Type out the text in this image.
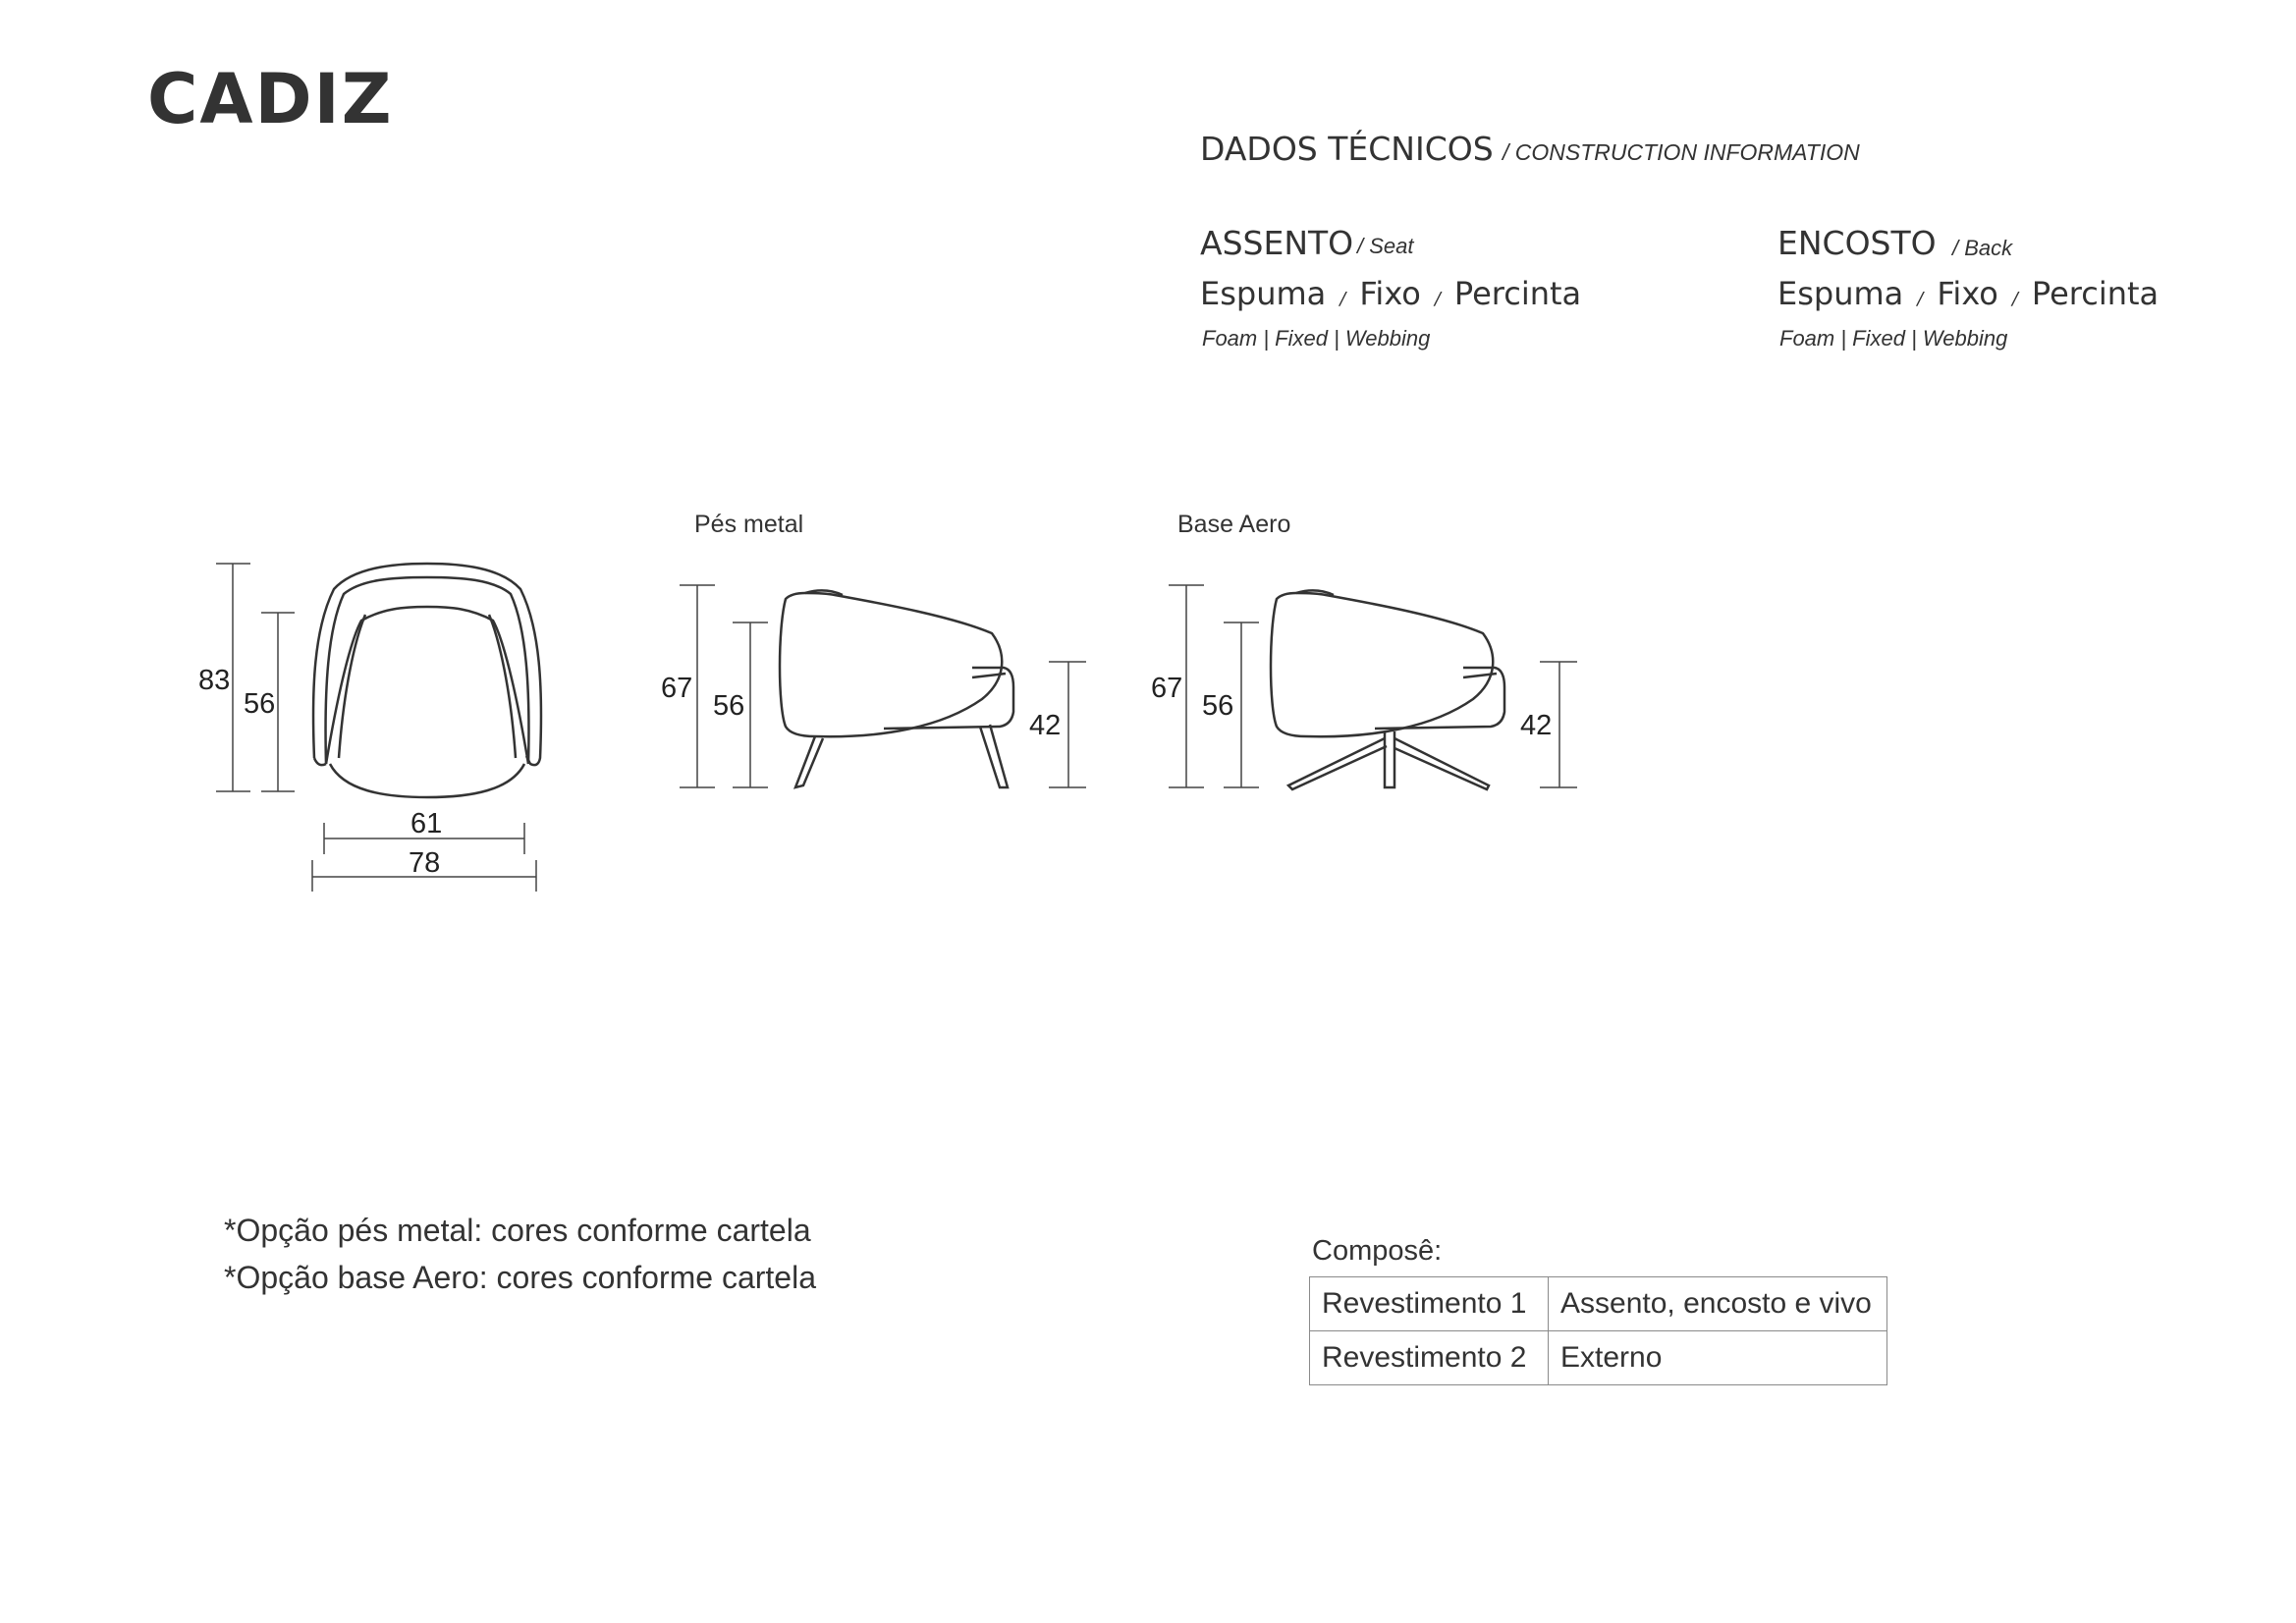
CADIZ
DADOS TÉCNICOS / CONSTRUCTION INFORMATION
ASSENTO / Seat
Espuma / Fixo / Percinta
Foam | Fixed | Webbing
ENCOSTO / Back
Espuma / Fixo / Percinta
Foam | Fixed | Webbing
Pés metal	Base Aero
83
56
61
78
67
56
42
67
56
42
*Opção pés metal: cores conforme cartela
*Opção base Aero: cores conforme cartela
Composê:
Revestimento 1	Assento, encosto e vivo
Revestimento 2	Externo
